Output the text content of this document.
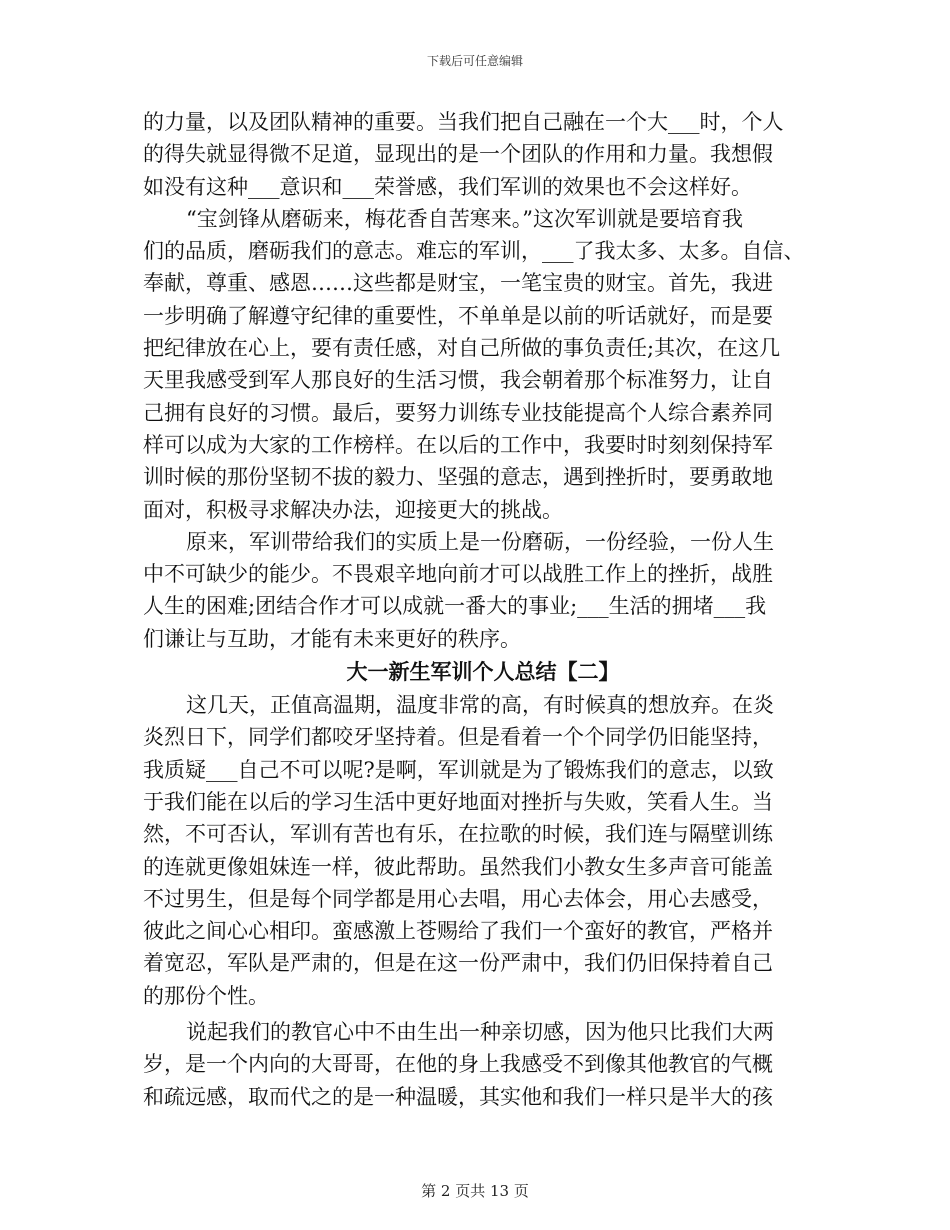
下载后可任意编辑
的力量，以及团队精神的重要。当我们把自己融在一个大___时，个人
的得失就显得微不足道，显现出的是一个团队的作用和力量。我想假
如没有这种___意识和___荣誉感，我们军训的效果也不会这样好。
“宝剑锋从磨砺来，梅花香自苦寒来。”这次军训就是要培育我
们的品质，磨砺我们的意志。难忘的军训，___了我太多、太多。自信、
奉献，尊重、感恩……这些都是财宝，一笔宝贵的财宝。首先，我进
一步明确了解遵守纪律的重要性，不单单是以前的听话就好，而是要
把纪律放在心上，要有责任感，对自己所做的事负责任;其次，在这几
天里我感受到军人那良好的生活习惯，我会朝着那个标准努力，让自
己拥有良好的习惯。最后，要努力训练专业技能提高个人综合素养同
样可以成为大家的工作榜样。在以后的工作中，我要时时刻刻保持军
训时候的那份坚韧不拔的毅力、坚强的意志，遇到挫折时，要勇敢地
面对，积极寻求解决办法，迎接更大的挑战。
原来，军训带给我们的实质上是一份磨砺，一份经验，一份人生
中不可缺少的能少。不畏艰辛地向前才可以战胜工作上的挫折，战胜
人生的困难;团结合作才可以成就一番大的事业;___生活的拥堵___我
们谦让与互助，才能有未来更好的秩序。
大一新生军训个人总结【二】
这几天，正值高温期，温度非常的高，有时候真的想放弃。在炎
炎烈日下，同学们都咬牙坚持着。但是看着一个个同学仍旧能坚持，
我质疑___自己不可以呢?是啊，军训就是为了锻炼我们的意志，以致
于我们能在以后的学习生活中更好地面对挫折与失败，笑看人生。当
然，不可否认，军训有苦也有乐，在拉歌的时候，我们连与隔壁训练
的连就更像姐妹连一样，彼此帮助。虽然我们小教女生多声音可能盖
不过男生，但是每个同学都是用心去唱，用心去体会，用心去感受，
彼此之间心心相印。蛮感激上苍赐给了我们一个蛮好的教官，严格并
着宽忍，军队是严肃的，但是在这一份严肃中，我们仍旧保持着自己
的那份个性。
说起我们的教官心中不由生出一种亲切感，因为他只比我们大两
岁，是一个内向的大哥哥，在他的身上我感受不到像其他教官的气概
和疏远感，取而代之的是一种温暖，其实他和我们一样只是半大的孩
第 2 页共 13 页
